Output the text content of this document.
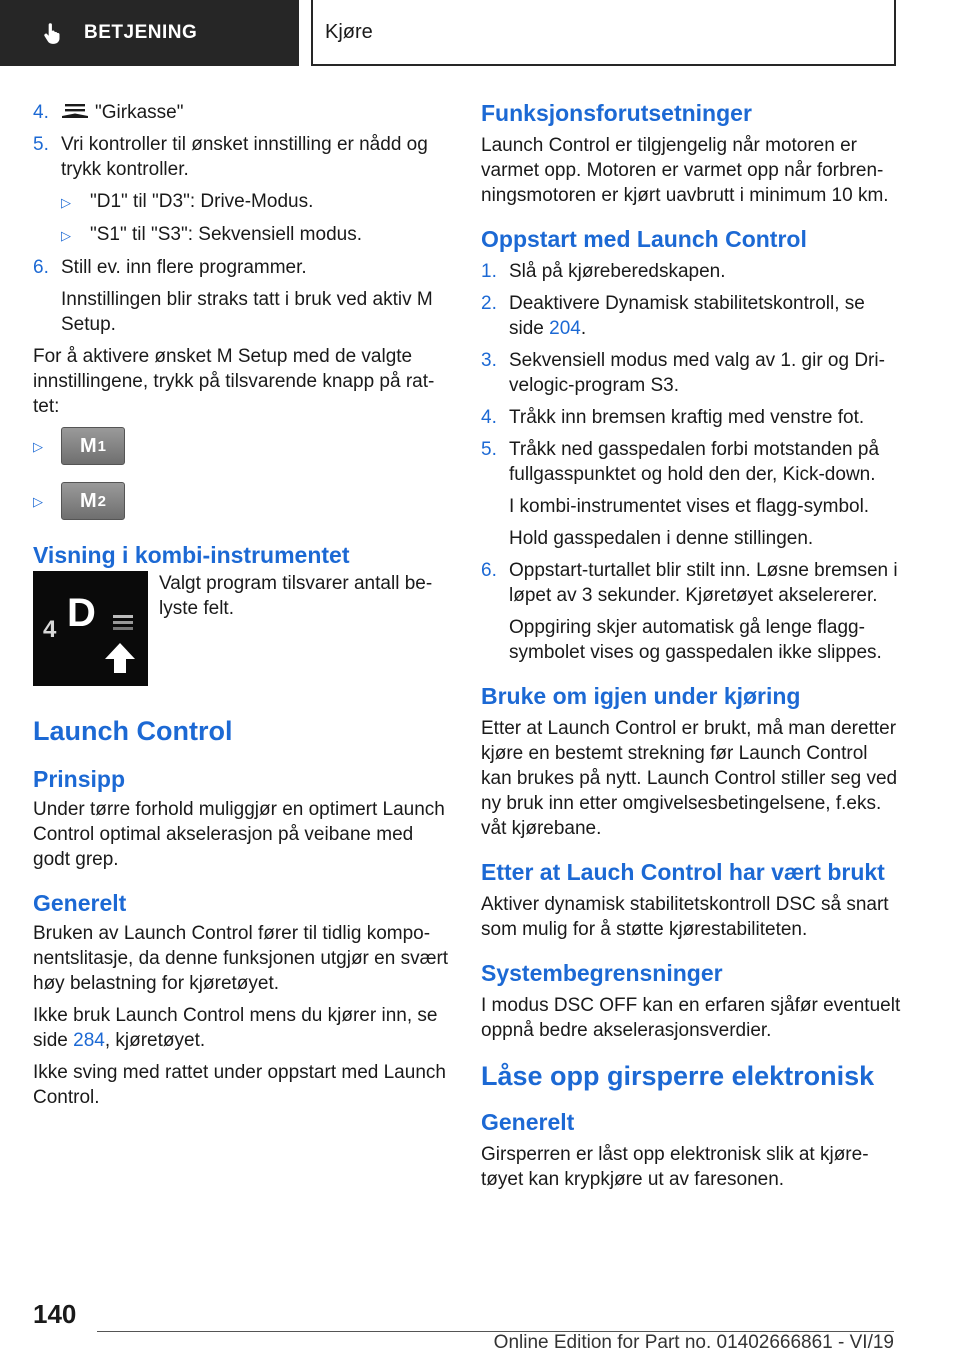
BETJENING	Kjøre
4.	"Girkasse"
5. Vri kontroller til ønsket innstilling er nådd og trykk kontroller.
▷	"D1" til "D3": Drive-Modus.
▷	"S1" til "S3": Sekvensiell modus.
6. Still ev. inn flere programmer.
Innstillingen blir straks tatt i bruk ved aktiv M Setup.
For å aktivere ønsket M Setup med de valgte innstillingene, trykk på tilsvarende knapp på rattet:
▷	M 1
▷	M 2
Visning i kombi-instrumentet
4 D
Valgt program tilsvarer antall belyste felt.
Launch Control
Prinsipp
Under tørre forhold muliggjør en optimert Launch Control optimal akselerasjon på veibane med godt grep.
Generelt
Bruken av Launch Control fører til tidlig komponentslitasje, da denne funksjonen utgjør en svært høy belastning for kjøretøyet.
Ikke bruk Launch Control mens du kjører inn, se side 284, kjøretøyet.
Ikke sving med rattet under oppstart med Launch Control.
Funksjonsforutsetninger
Launch Control er tilgjengelig når motoren er varmet opp. Motoren er varmet opp når forbrenningsmotoren er kjørt uavbrutt i minimum 10 km.
Oppstart med Launch Control
1. Slå på kjøreberedskapen.
2. Deaktivere Dynamisk stabilitetskontroll, se side 204.
3. Sekvensiell modus med valg av 1. gir og Drivelogic-program S3.
4. Tråkk inn bremsen kraftig med venstre fot.
5. Tråkk ned gasspedalen forbi motstanden på fullgasspunktet og hold den der, Kick-down.
I kombi-instrumentet vises et flagg-symbol.
Hold gasspedalen i denne stillingen.
6. Oppstart-turtallet blir stilt inn. Løsne bremsen i løpet av 3 sekunder. Kjøretøyet akselererer.
Oppgiring skjer automatisk gå lenge flaggsymbolet vises og gasspedalen ikke slippes.
Bruke om igjen under kjøring
Etter at Launch Control er brukt, må man deretter kjøre en bestemt strekning før Launch Control kan brukes på nytt. Launch Control stiller seg ved ny bruk inn etter omgivelsesbetingelsene, f.eks. våt kjørebane.
Etter at Lauch Control har vært brukt
Aktiver dynamisk stabilitetskontroll DSC så snart som mulig for å støtte kjørestabiliteten.
Systembegrensninger
I modus DSC OFF kan en erfaren sjåfør eventuelt oppnå bedre akselerasjonsverdier.
Låse opp girsperre elektronisk
Generelt
Girsperren er låst opp elektronisk slik at kjøretøyet kan krypkjøre ut av faresonen.
140
Online Edition for Part no. 01402666861 - VI/19
